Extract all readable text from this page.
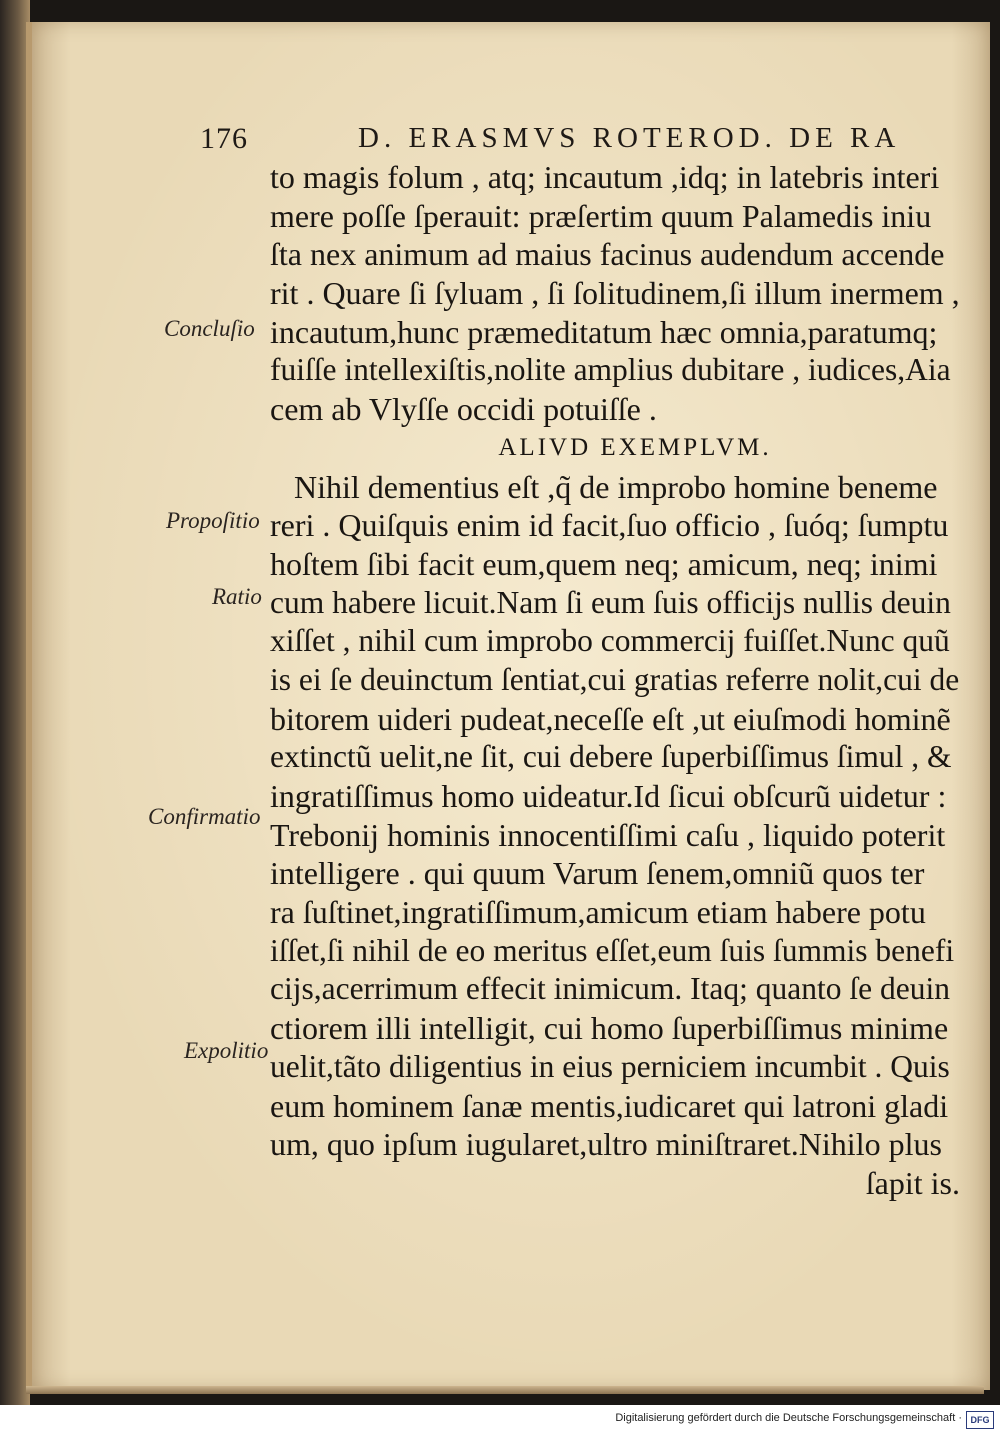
176	D. ERASMVS ROTEROD. DE RA
Concluſio
Propoſitio
Ratio
Confirmatio
Expolitio
to magis folum , atq; incautum ,idq; in latebris interi
mere poſſe ſperauit: præſertim quum Palamedis iniu
ſta nex animum ad maius facinus audendum accende
rit . Quare ſi ſyluam , ſi ſolitudinem,ſi illum inermem ,
incautum,hunc præmeditatum hæc omnia,paratumq;
fuiſſe intellexiſtis,nolite amplius dubitare , iudices,Aia
cem ab Vlyſſe occidi potuiſſe .
ALIVD EXEMPLVM.
Nihil dementius eſt ,q̃ de improbo homine beneme
reri . Quiſquis enim id facit,ſuo officio , ſuóq; ſumptu
hoſtem ſibi facit eum,quem neq; amicum, neq; inimi
cum habere licuit.Nam ſi eum ſuis officijs nullis deuin
xiſſet , nihil cum improbo commercij fuiſſet.Nunc quũ
is ei ſe deuinctum ſentiat,cui gratias referre nolit,cui de
bitorem uideri pudeat,neceſſe eſt ,ut eiuſmodi hominẽ
extinctũ uelit,ne ſit, cui debere ſuperbiſſimus ſimul , &
ingratiſſimus homo uideatur.Id ſicui obſcurũ uidetur :
Trebonij hominis innocentiſſimi caſu , liquido poterit
intelligere . qui quum Varum ſenem,omniũ quos ter
ra ſuſtinet,ingratiſſimum,amicum etiam habere potu
iſſet,ſi nihil de eo meritus eſſet,eum ſuis ſummis benefi
cijs,acerrimum effecit inimicum. Itaq; quanto ſe deuin
ctiorem illi intelligit, cui homo ſuperbiſſimus minime
uelit,tãto diligentius in eius perniciem incumbit . Quis
eum hominem ſanæ mentis,iudicaret qui latroni gladi
um, quo ipſum iugularet,ultro miniſtraret.Nihilo plus
ſapit is.
Digitalisierung gefördert durch die Deutsche Forschungsgemeinschaft · DFG
